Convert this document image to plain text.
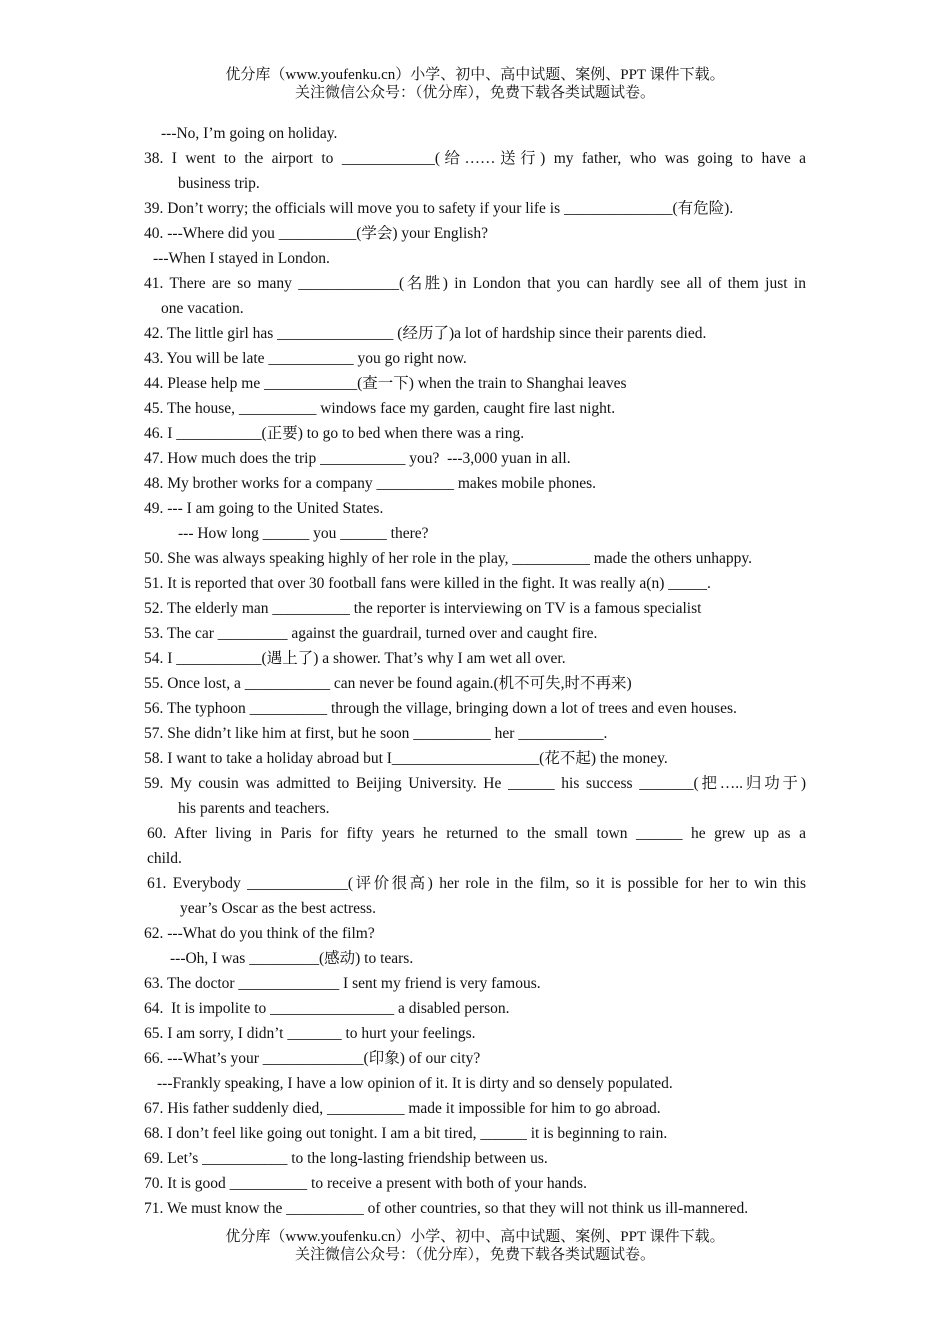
优分库（www.youfenku.cn）小学、初中、高中试题、案例、PPT 课件下载。
关注微信公众号：（优分库），免费下载各类试题试卷。
---No, I’m going on holiday.
38. I went to the airport to ____________(给……送行) my father, who was going to have a
business trip.
39. Don’t worry; the officials will move you to safety if your life is ______________(有危险).
40. ---Where did you __________(学会) your English?
---When I stayed in London.
41. There are so many _____________(名胜) in London that you can hardly see all of them just in
one vacation.
42. The little girl has _______________ (经历了)a lot of hardship since their parents died.
43. You will be late ___________ you go right now.
44. Please help me ____________(查一下) when the train to Shanghai leaves
45. The house, __________ windows face my garden, caught fire last night.
46. I ___________(正要) to go to bed when there was a ring.
47. How much does the trip ___________ you?  ---3,000 yuan in all.
48. My brother works for a company __________ makes mobile phones.
49. --- I am going to the United States.
--- How long ______ you ______ there?
50. She was always speaking highly of her role in the play, __________ made the others unhappy.
51. It is reported that over 30 football fans were killed in the fight. It was really a(n) _____.
52. The elderly man __________ the reporter is interviewing on TV is a famous specialist
53. The car _________ against the guardrail, turned over and caught fire.
54. I ___________(遇上了) a shower. That’s why I am wet all over.
55. Once lost, a ___________ can never be found again.(机不可失,时不再来)
56. The typhoon __________ through the village, bringing down a lot of trees and even houses.
57. She didn’t like him at first, but he soon __________ her ___________.
58. I want to take a holiday abroad but I___________________(花不起) the money.
59. My cousin was admitted to Beijing University. He ______ his success _______(把…..归功于)
his parents and teachers.
60. After living in Paris for fifty years he returned to the small town ______ he grew up as a
child.
61. Everybody _____________(评价很高) her role in the film, so it is possible for her to win this
year’s Oscar as the best actress.
62. ---What do you think of the film?
---Oh, I was _________(感动) to tears.
63. The doctor _____________ I sent my friend is very famous.
64.  It is impolite to ________________ a disabled person.
65. I am sorry, I didn’t _______ to hurt your feelings.
66. ---What’s your _____________(印象) of our city?
---Frankly speaking, I have a low opinion of it. It is dirty and so densely populated.
67. His father suddenly died, __________ made it impossible for him to go abroad.
68. I don’t feel like going out tonight. I am a bit tired, ______ it is beginning to rain.
69. Let’s ___________ to the long-lasting friendship between us.
70. It is good __________ to receive a present with both of your hands.
71. We must know the __________ of other countries, so that they will not think us ill-mannered.
优分库（www.youfenku.cn）小学、初中、高中试题、案例、PPT 课件下载。
关注微信公众号：（优分库），免费下载各类试题试卷。
